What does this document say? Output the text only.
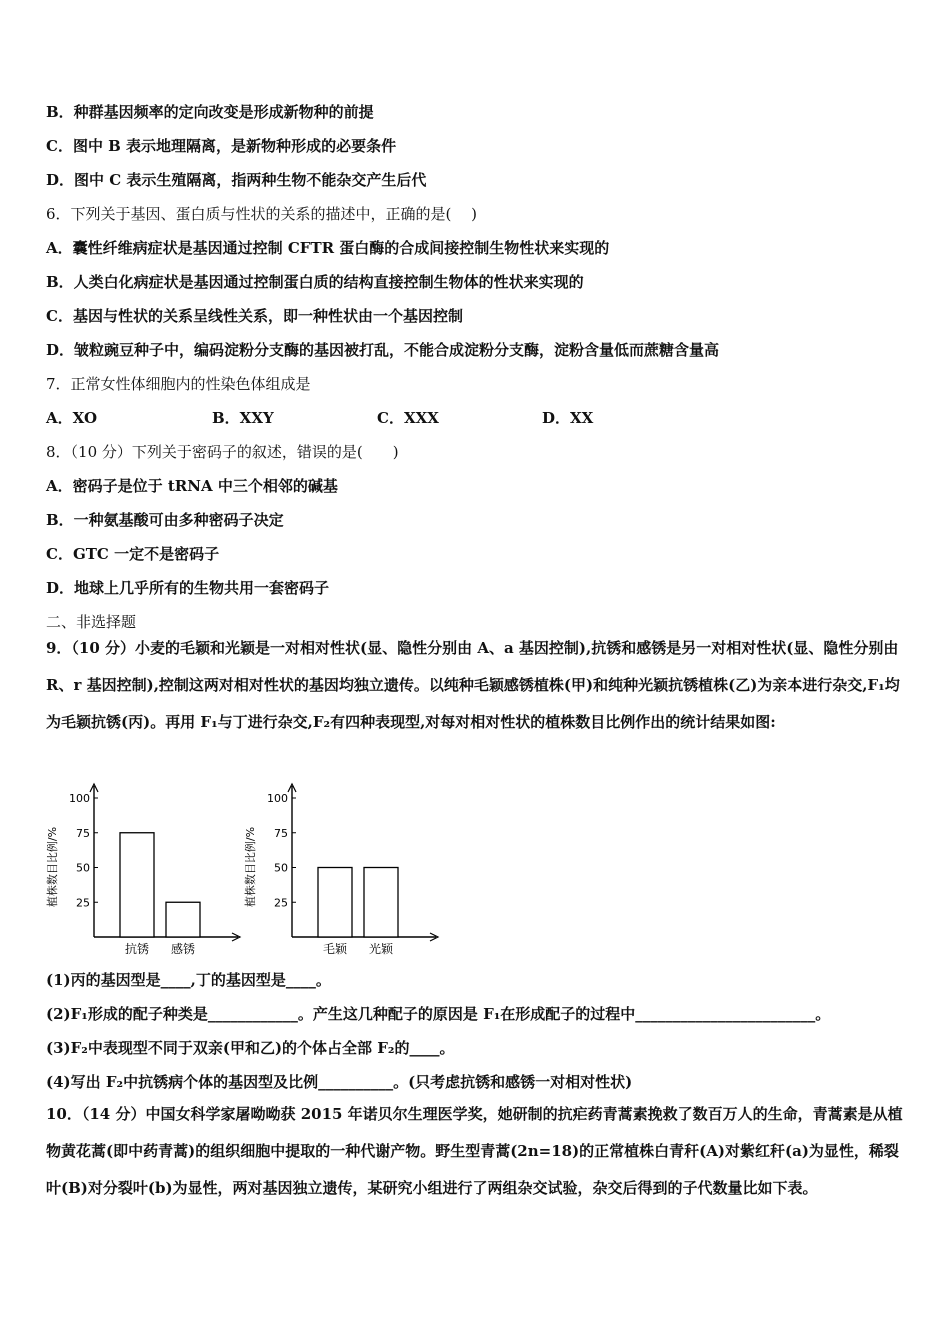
B．种群基因频率的定向改变是形成新物种的前提
C．图中 B 表示地理隔离，是新物种形成的必要条件
D．图中 C 表示生殖隔离，指两种生物不能杂交产生后代
6．下列关于基因、蛋白质与性状的关系的描述中，正确的是(　 )
A．囊性纤维病症状是基因通过控制 CFTR 蛋白酶的合成间接控制生物性状来实现的
B．人类白化病症状是基因通过控制蛋白质的结构直接控制生物体的性状来实现的
C．基因与性状的关系呈线性关系，即一种性状由一个基因控制
D．皱粒豌豆种子中，编码淀粉分支酶的基因被打乱，不能合成淀粉分支酶，淀粉含量低而蔗糖含量高
7．正常女性体细胞内的性染色体组成是
A．XO	B．XXY	C．XXX	D．XX
8．（10 分）下列关于密码子的叙述，错误的是(　　)
A．密码子是位于 tRNA 中三个相邻的碱基
B．一种氨基酸可由多种密码子决定
C．GTC 一定不是密码子
D．地球上几乎所有的生物共用一套密码子
二、非选择题
9．（10 分）小麦的毛颖和光颖是一对相对性状(显、隐性分别由 A、a 基因控制),抗锈和感锈是另一对相对性状(显、隐性分别由 R、r 基因控制),控制这两对相对性状的基因均独立遗传。以纯种毛颖感锈植株(甲)和纯种光颖抗锈植株(乙)为亲本进行杂交,F₁均为毛颖抗锈(丙)。再用 F₁与丁进行杂交,F₂有四种表现型,对每对相对性状的植株数目比例作出的统计结果如图:
100
75
50
25
植株数目比例/%
抗锈 感锈
100
75
50
25
植株数目比例/%
毛颖 光颖
(1)丙的基因型是____,丁的基因型是____。
(2)F₁形成的配子种类是____________。产生这几种配子的原因是 F₁在形成配子的过程中________________________。
(3)F₂中表现型不同于双亲(甲和乙)的个体占全部 F₂的____。
(4)写出 F₂中抗锈病个体的基因型及比例__________。(只考虑抗锈和感锈一对相对性状)
10．（14 分）中国女科学家屠呦呦获 2015 年诺贝尔生理医学奖，她研制的抗疟药青蒿素挽救了数百万人的生命，青蒿素是从植物黄花蒿(即中药青蒿)的组织细胞中提取的一种代谢产物。野生型青蒿(2n=18)的正常植株白青秆(A)对紫红秆(a)为显性，稀裂叶(B)对分裂叶(b)为显性，两对基因独立遗传，某研究小组进行了两组杂交试验，杂交后得到的子代数量比如下表。
